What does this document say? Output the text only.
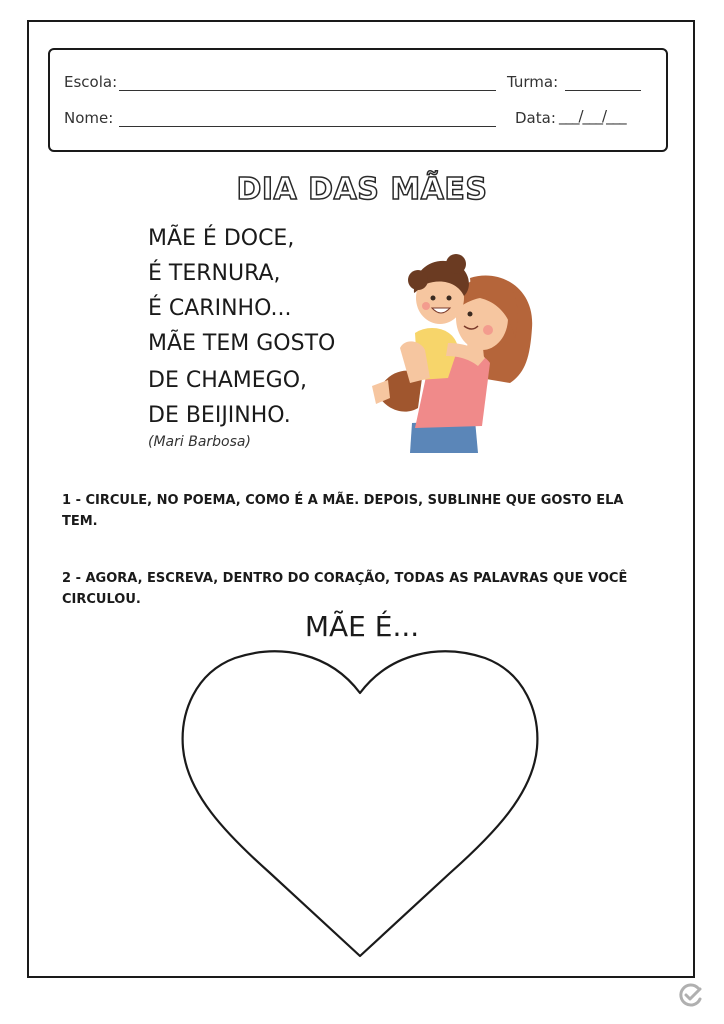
Escola:	Turma:
Nome:	Data: ___/___/___
DIA DAS MÃES
MÃE É DOCE,
É TERNURA,
É CARINHO...
MÃE TEM GOSTO
DE CHAMEGO,
DE BEIJINHO.
(Mari Barbosa)
1 - CIRCULE, NO POEMA, COMO É A MÃE. DEPOIS, SUBLINHE QUE GOSTO ELA TEM.
2 - AGORA, ESCREVA, DENTRO DO CORAÇÃO, TODAS AS PALAVRAS QUE VOCÊ CIRCULOU.
MÃE É...
